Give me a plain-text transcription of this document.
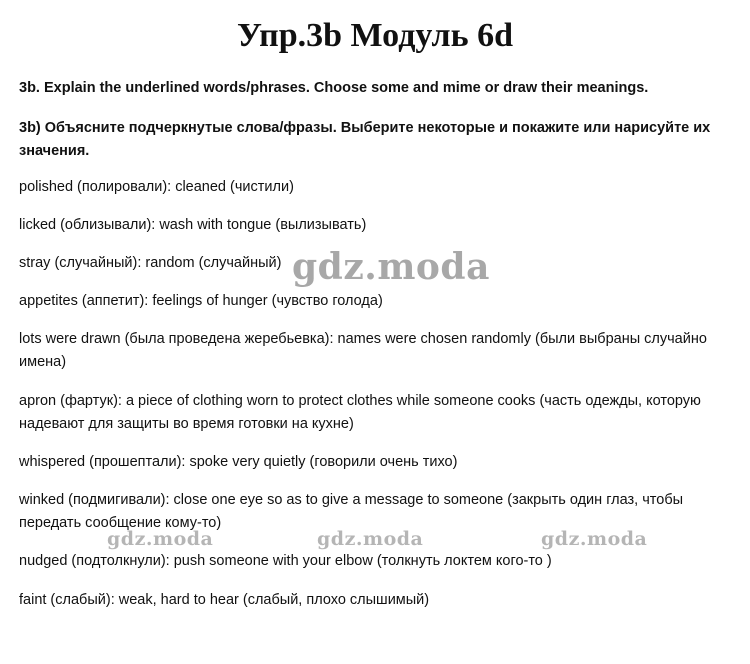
Упр.3b Модуль 6d

3b. Explain the underlined words/phrases. Choose some and mime or draw their meanings.

3b) Объясните подчеркнутые слова/фразы. Выберите некоторые и покажите или нарисуйте их значения.

polished (полировали): cleaned (чистили)

licked (облизывали): wash with tongue (вылизывать)

stray (случайный): random (случайный)

appetites (аппетит): feelings of hunger (чувство голода)

lots were drawn (была проведена жеребьевка): names were chosen randomly (были выбраны случайно имена)

apron (фартук): a piece of clothing worn to protect clothes while someone cooks (часть одежды, которую надевают для защиты во время готовки на кухне)

whispered (прошептали): spoke very quietly (говорили очень тихо)

winked (подмигивали): close one eye so as to give a message to someone (закрыть один глаз, чтобы передать сообщение кому-то)

nudged (подтолкнули): push someone with your elbow (толкнуть локтем кого-то )

faint (слабый): weak, hard to hear (слабый, плохо слышимый)

gdz.moda
gdz.moda	gdz.moda	gdz.moda
